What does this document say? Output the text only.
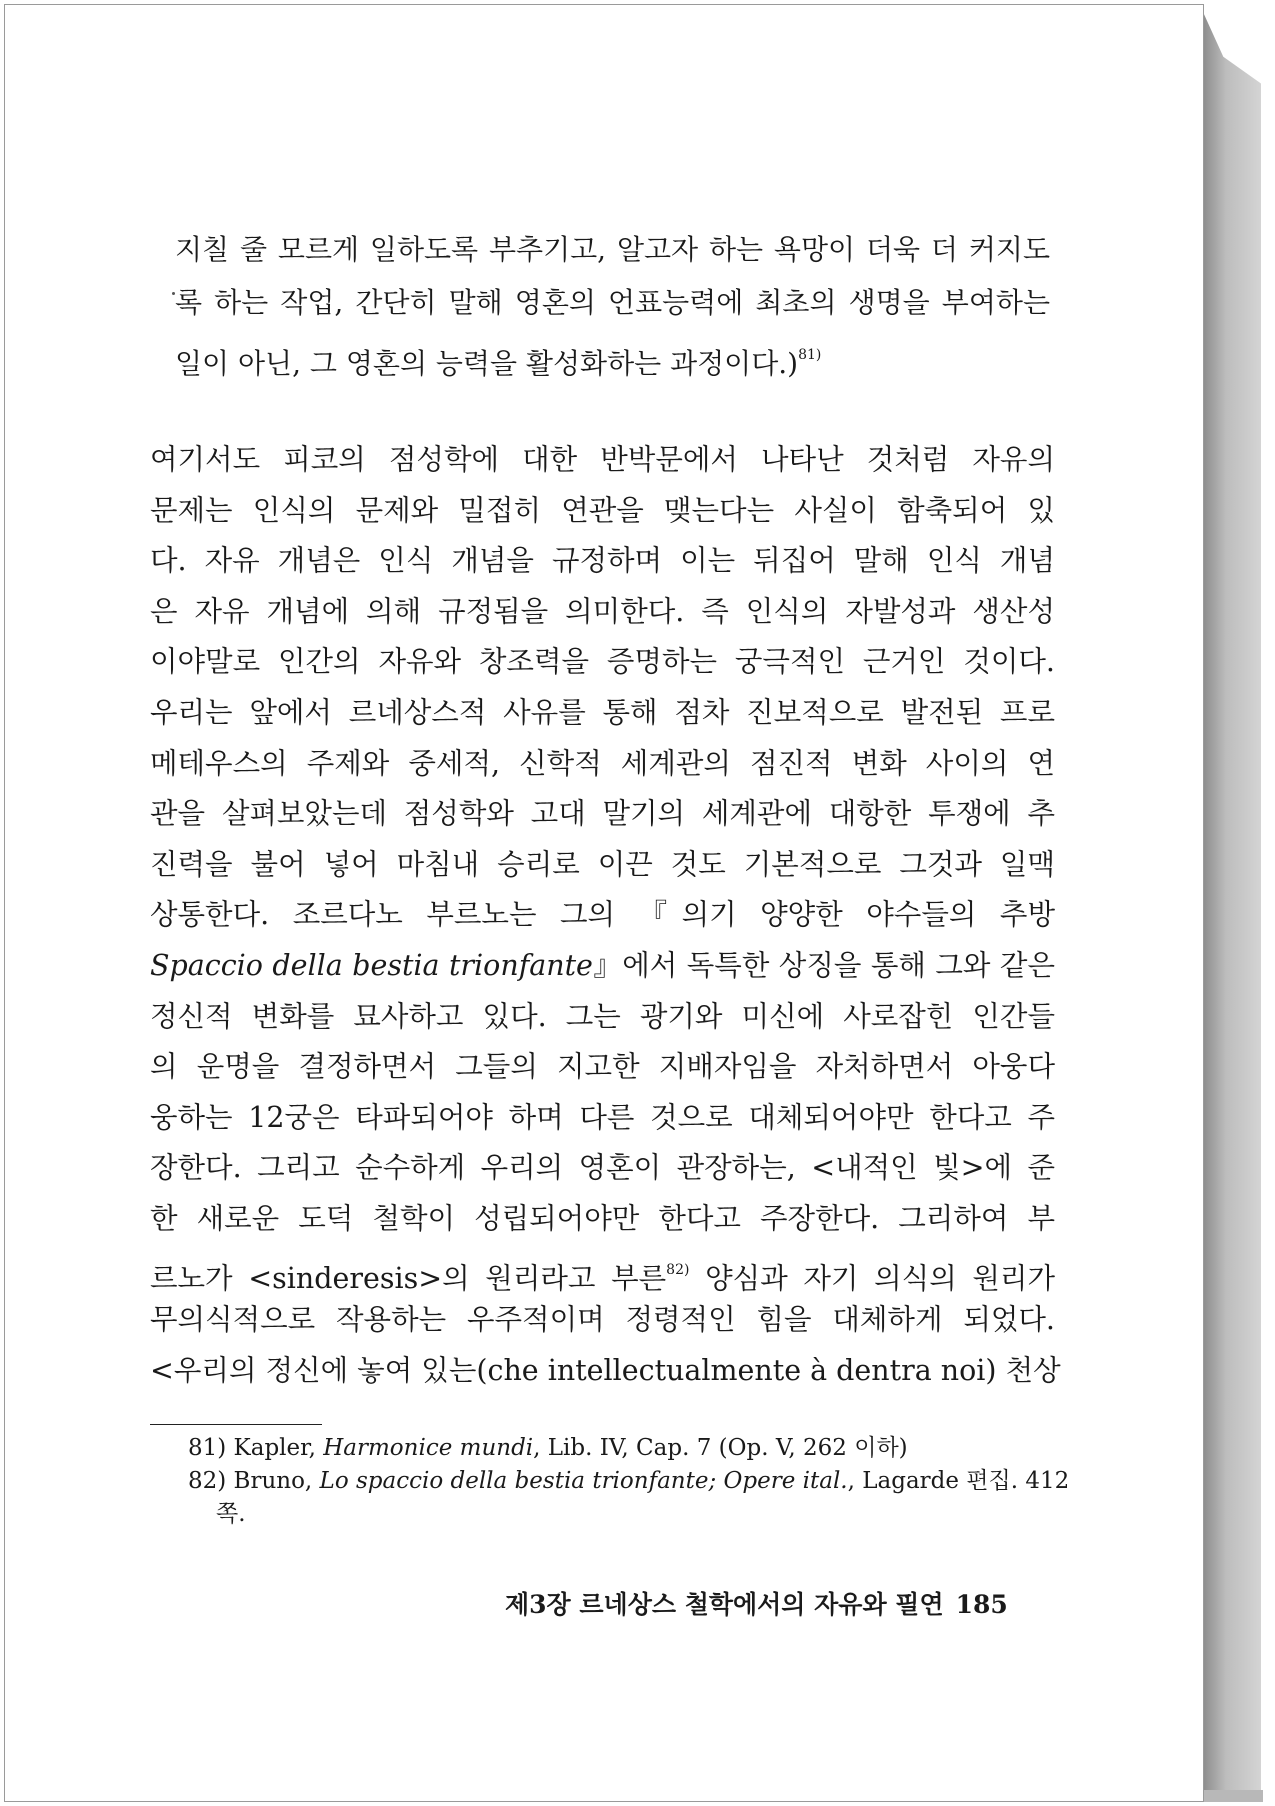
지칠 줄 모르게 일하도록 부추기고, 알고자 하는 욕망이 더욱 더 커지도
록 하는 작업, 간단히 말해 영혼의 언표능력에 최초의 생명을 부여하는
일이 아닌, 그 영혼의 능력을 활성화하는 과정이다.)$^{81)}$
여기서도 피코의 점성학에 대한 반박문에서 나타난 것처럼 자유의
문제는 인식의 문제와 밀접히 연관을 맺는다는 사실이 함축되어 있
다. 자유 개념은 인식 개념을 규정하며 이는 뒤집어 말해 인식 개념
은 자유 개념에 의해 규정됨을 의미한다. 즉 인식의 자발성과 생산성
이야말로 인간의 자유와 창조력을 증명하는 궁극적인 근거인 것이다.
우리는 앞에서 르네상스적 사유를 통해 점차 진보적으로 발전된 프로
메테우스의 주제와 중세적, 신학적 세계관의 점진적 변화 사이의 연
관을 살펴보았는데 점성학와 고대 말기의 세계관에 대항한 투쟁에 추
진력을 불어 넣어 마침내 승리로 이끈 것도 기본적으로 그것과 일맥
상통한다. 조르다노 부르노는 그의 『의기 양양한 야수들의 추방
Spaccio della bestia trionfante』에서 독특한 상징을 통해 그와 같은
정신적 변화를 묘사하고 있다. 그는 광기와 미신에 사로잡힌 인간들
의 운명을 결정하면서 그들의 지고한 지배자임을 자처하면서 아웅다
웅하는 12궁은 타파되어야 하며 다른 것으로 대체되어야만 한다고 주
장한다. 그리고 순수하게 우리의 영혼이 관장하는, <내적인 빛>에 준
한 새로운 도덕 철학이 성립되어야만 한다고 주장한다. 그리하여 부
르노가 <sinderesis>의 원리라고 부른$^{82)}$ 양심과 자기 의식의 원리가
무의식적으로 작용하는 우주적이며 정령적인 힘을 대체하게 되었다.
<우리의 정신에 놓여 있는(che intellectualmente à dentra noi) 천상
81) Kapler, Harmonice mundi, Lib. IV, Cap. 7 (Op. V, 262 이하)
82) Bruno, Lo spaccio della bestia trionfante; Opere ital., Lagarde 편집. 412
쪽.
제3장 르네상스 철학에서의 자유와 필연 185
